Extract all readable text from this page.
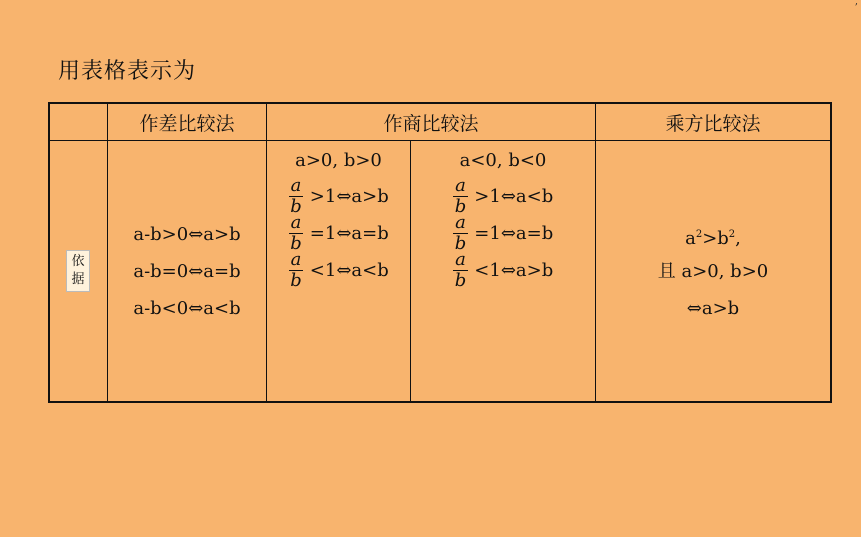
,
用表格表示为
作差比较法	作商比较法	乘方比较法
依
据
a-b>0⇔a>b
a-b=0⇔a=b
a-b<0⇔a<b
a>0, b>0
$\frac{a}{b}$ >1⇔a>b
$\frac{a}{b}$ =1⇔a=b
$\frac{a}{b}$ <1⇔a<b
a<0, b<0
$\frac{a}{b}$ >1⇔a<b
$\frac{a}{b}$ =1⇔a=b
$\frac{a}{b}$ <1⇔a>b
$a^2>b^2$,
且 a>0, b>0
⇔a>b
